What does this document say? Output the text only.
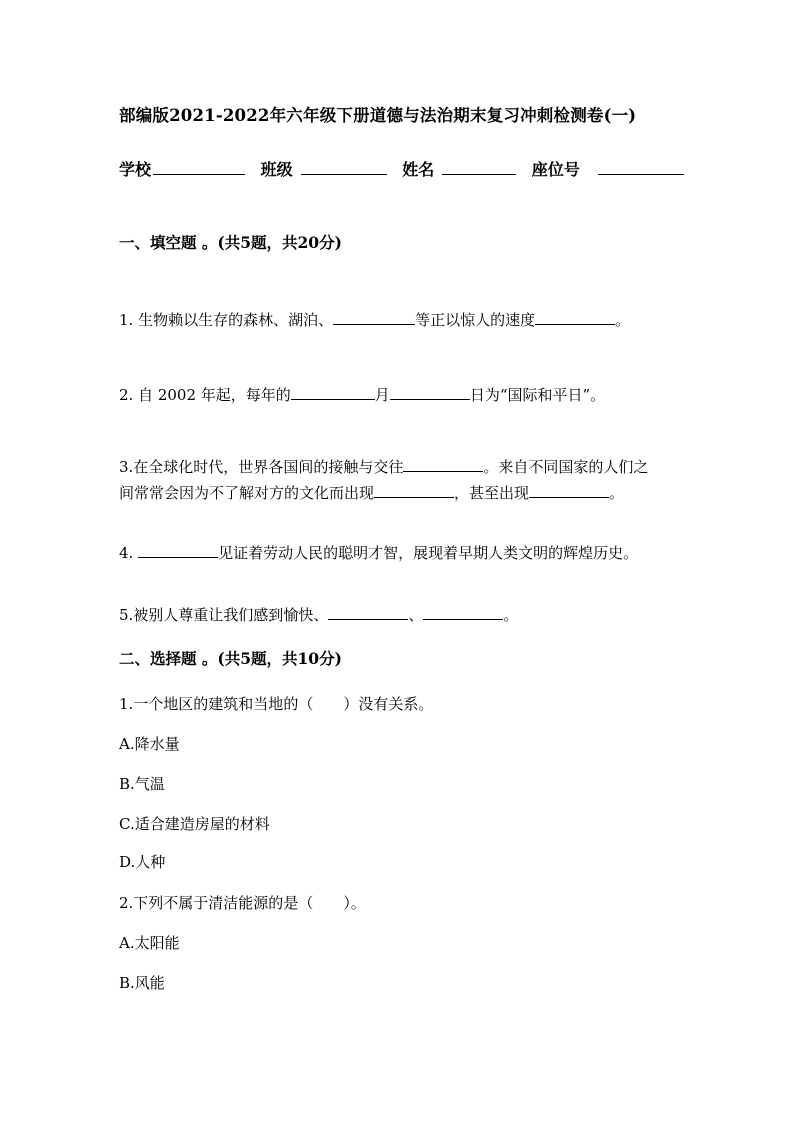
部编版2021-2022年六年级下册道德与法治期末复习冲刺检测卷(一)
学校	班级	姓名	座位号
一、填空题 。(共5题，共20分)
1. 生物赖以生存的森林、湖泊、	等正以惊人的速度	。
2. 自 2002 年起，每年的	月	日为“国际和平日”。
3.在全球化时代，世界各国间的接触与交往	。来自不同国家的人们之
间常常会因为不了解对方的文化而出现	，甚至出现	。
4.	见证着劳动人民的聪明才智，展现着早期人类文明的辉煌历史。
5.被别人尊重让我们感到愉快、	、	。
二、选择题 。(共5题，共10分)
1.一个地区的建筑和当地的（　　）没有关系。
A.降水量
B.气温
C.适合建造房屋的材料
D.人种
2.下列不属于清洁能源的是（　　）。
A.太阳能
B.风能
